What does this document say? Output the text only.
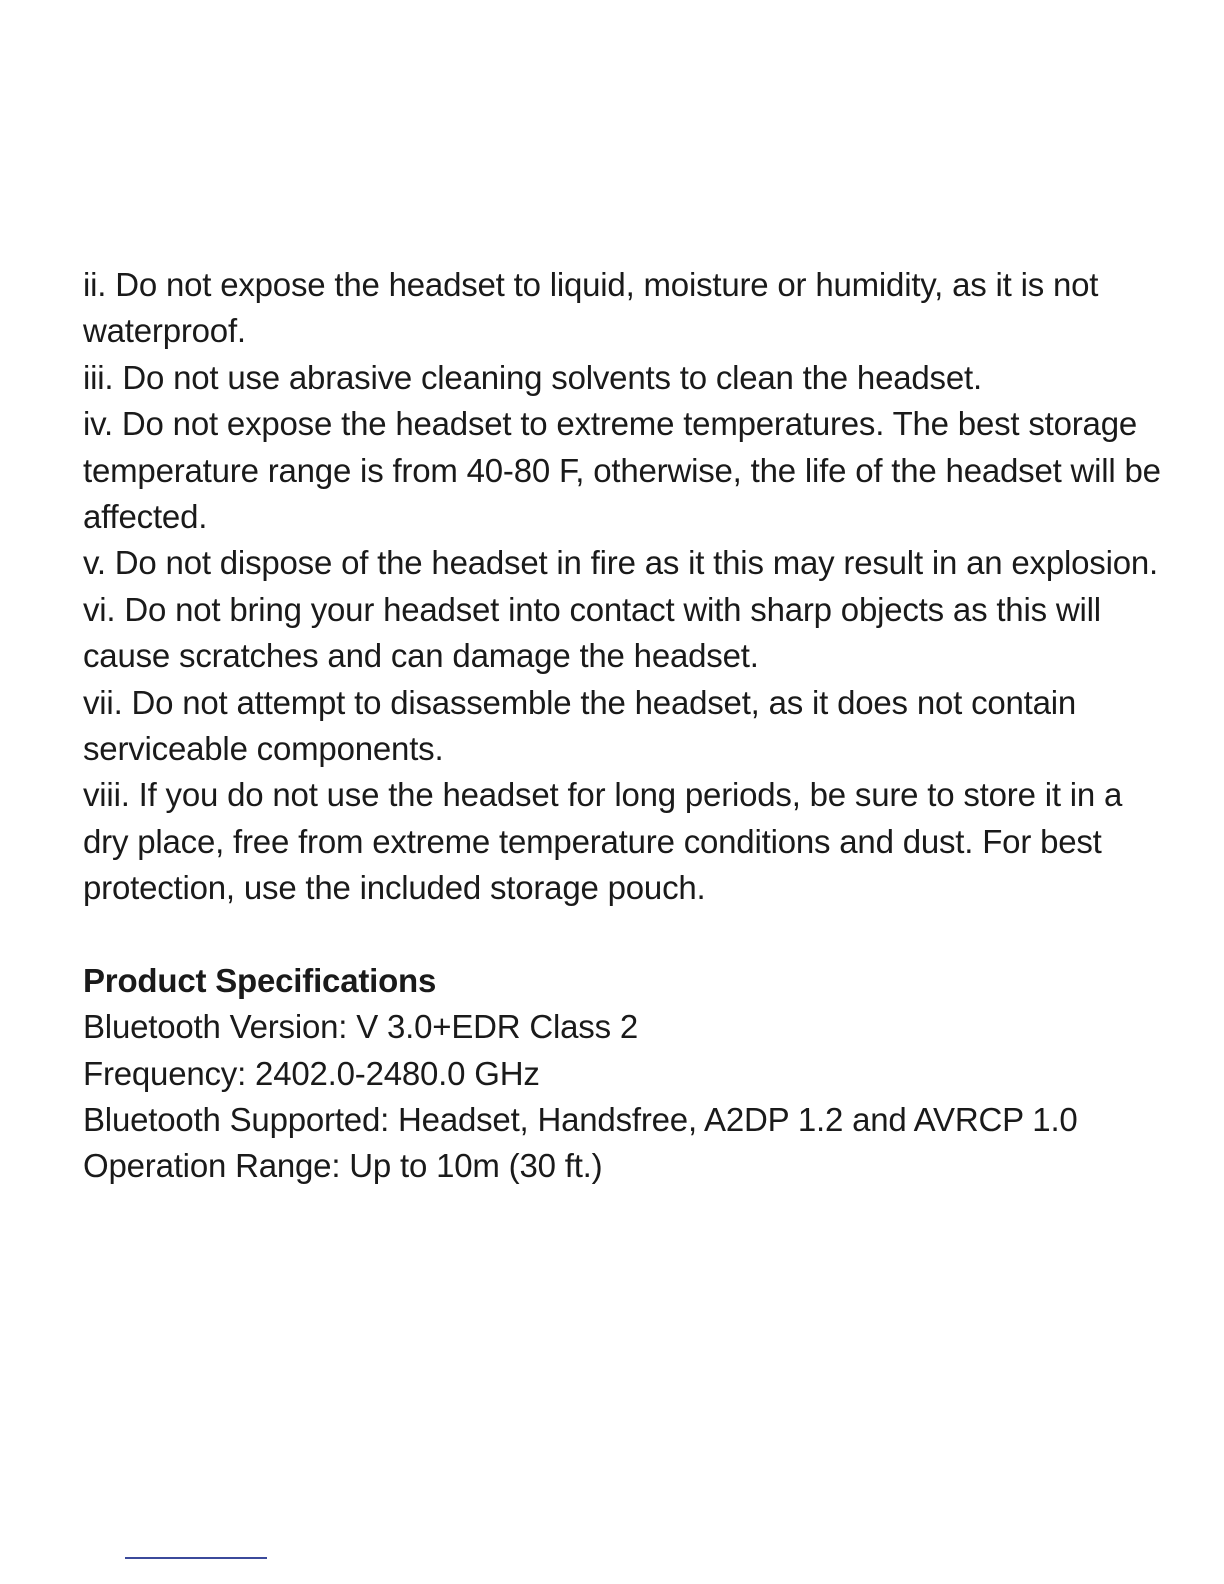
ii. Do not expose the headset to liquid, moisture or humidity, as it is not waterproof.

iii. Do not use abrasive cleaning solvents to clean the headset.

iv. Do not expose the headset to extreme temperatures. The best storage temperature range is from 40-80 F, otherwise, the life of the headset will be affected.

v. Do not dispose of the headset in fire as it this may result in an explosion.

vi. Do not bring your headset into contact with sharp objects as this will cause scratches and can damage the headset.

vii. Do not attempt to disassemble the headset, as it does not contain serviceable components.

viii. If you do not use the headset for long periods, be sure to store it in a dry place, free from extreme temperature conditions and dust. For best protection, use the included storage pouch.

Product Specifications

Bluetooth Version: V 3.0+EDR Class 2

Frequency: 2402.0-2480.0 GHz

Bluetooth Supported: Headset, Handsfree, A2DP 1.2 and AVRCP 1.0

Operation Range: Up to 10m (30 ft.)
